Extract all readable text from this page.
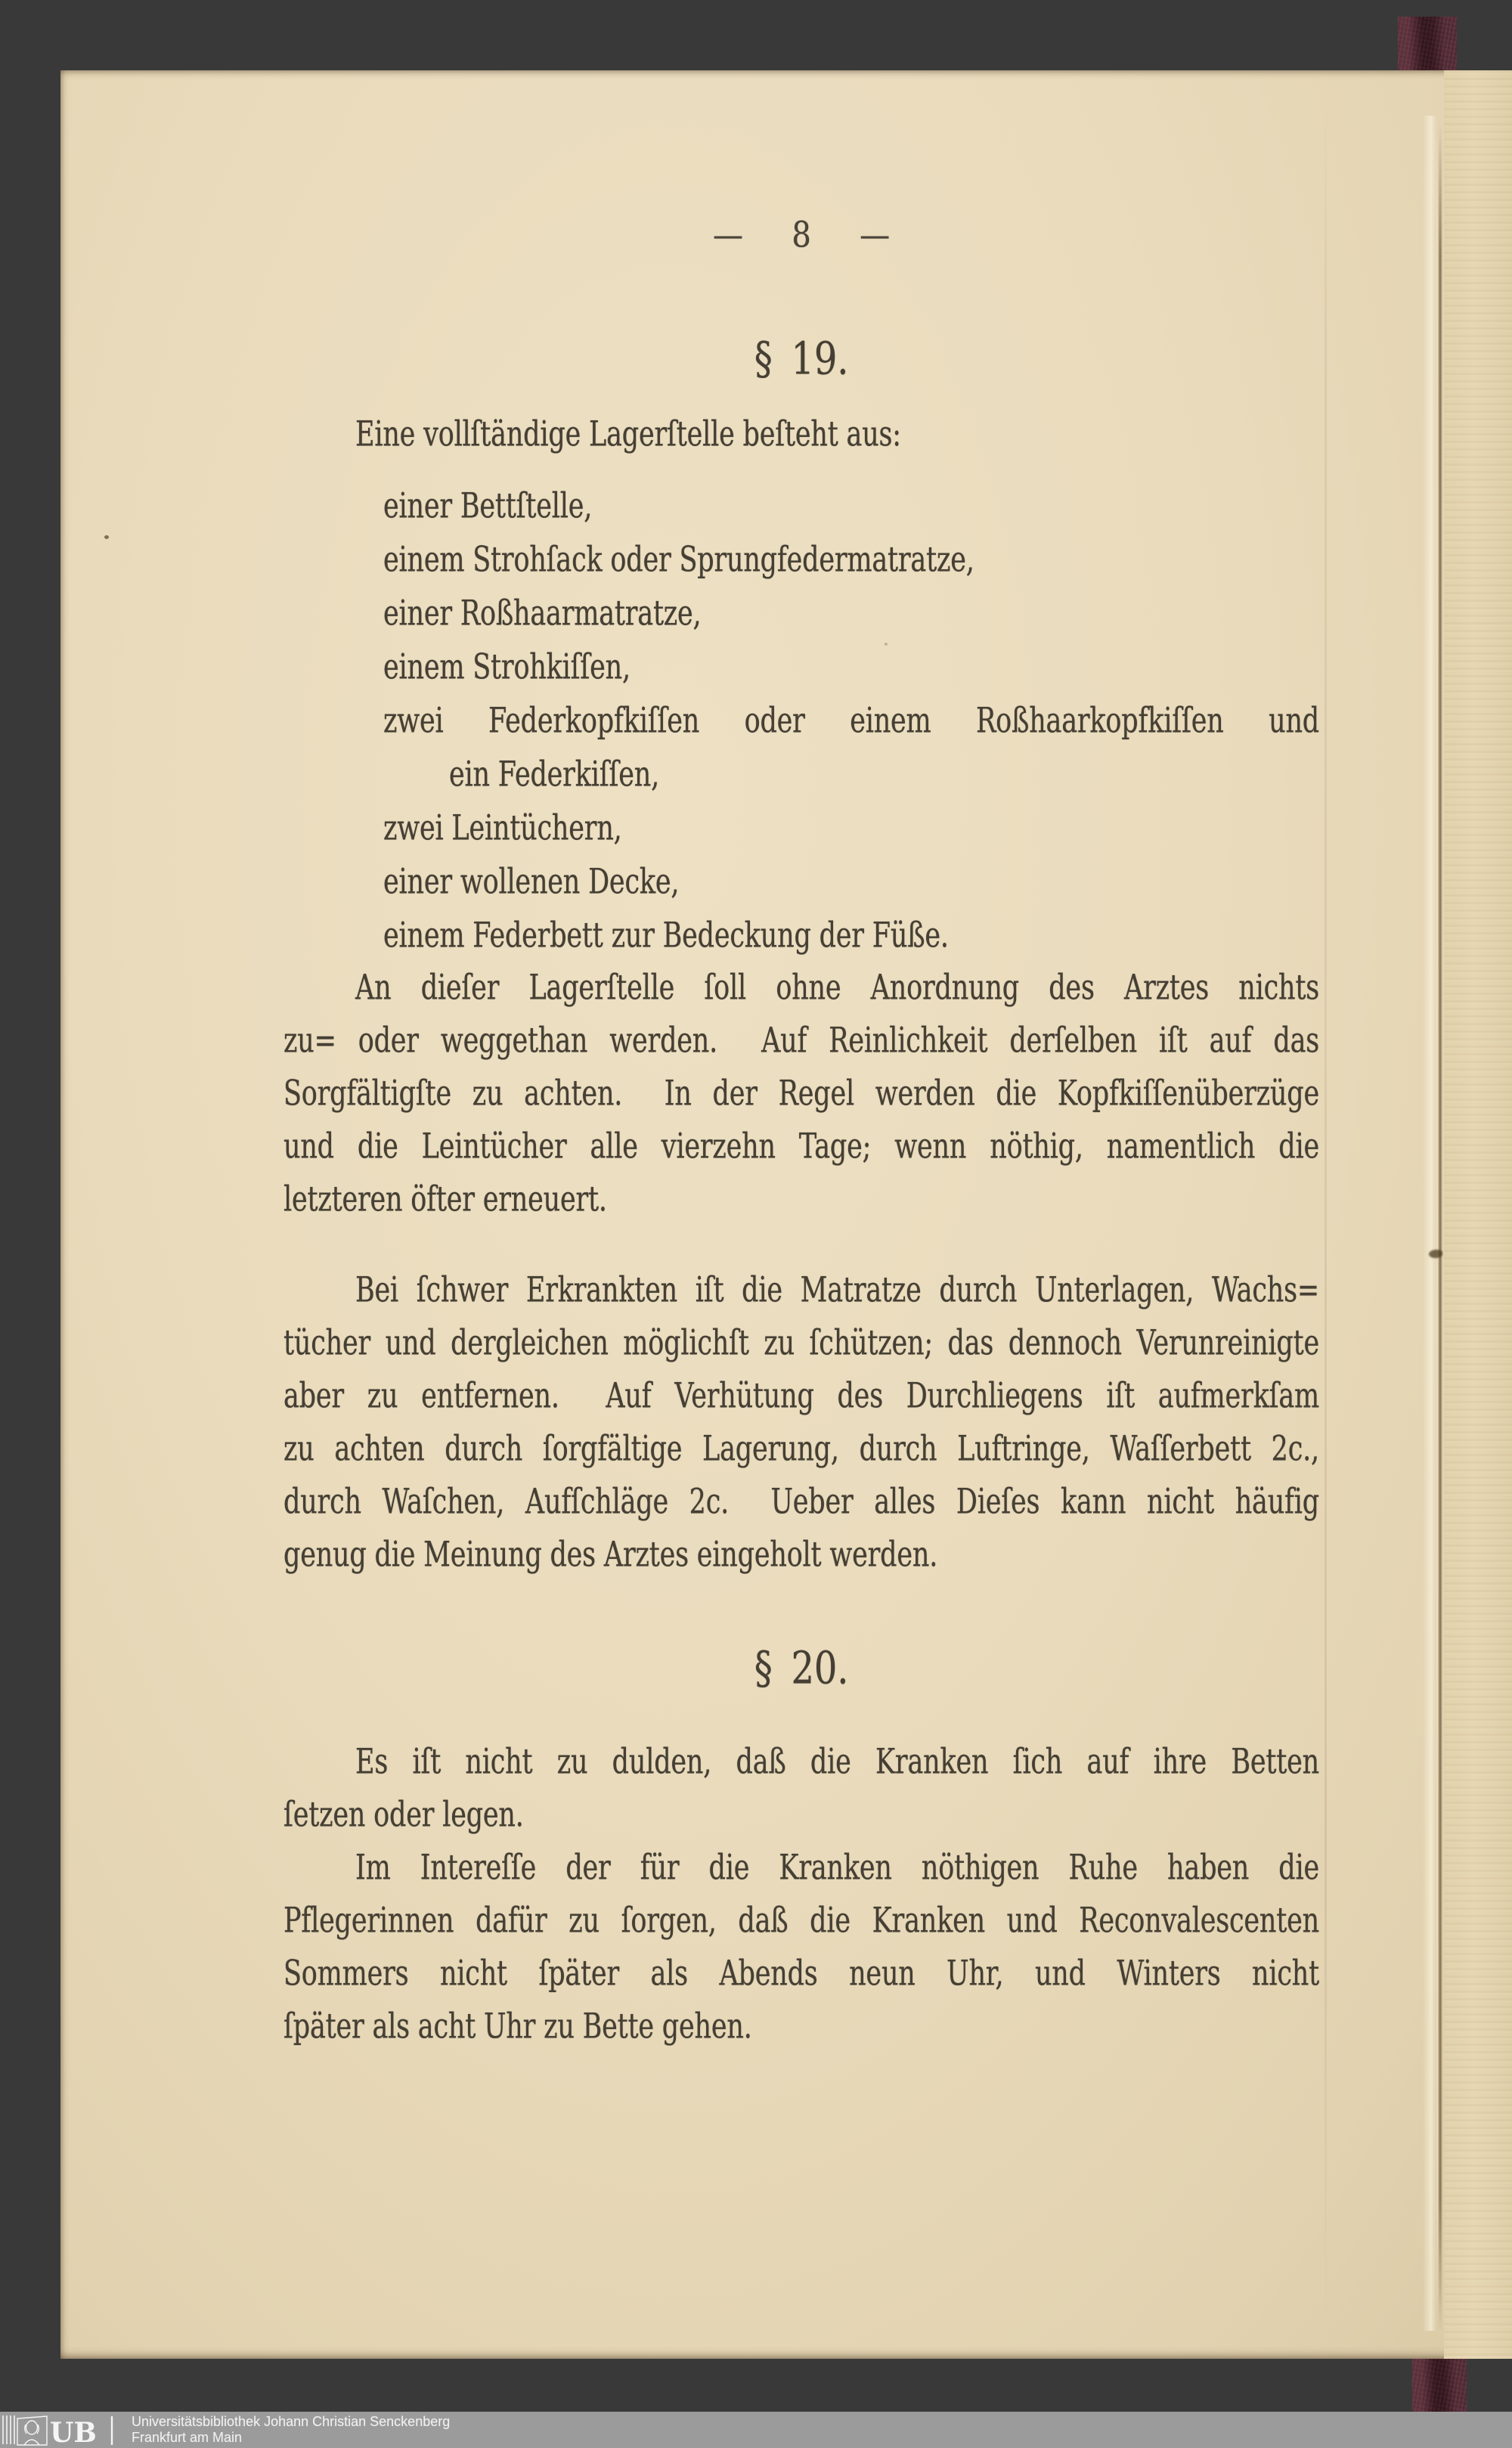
— 8 —
§ 19.
Eine vollſtändige Lagerſtelle beſteht aus:
einer Bettſtelle,
einem Strohſack oder Sprungfedermatratze,
einer Roßhaarmatratze,
einem Strohkiſſen,
zwei Federkopfkiſſen oder einem Roßhaarkopfkiſſen und
ein Federkiſſen,
zwei Leintüchern,
einer wollenen Decke,
einem Federbett zur Bedeckung der Füße.
An dieſer Lagerſtelle ſoll ohne Anordnung des Arztes nichts
zu= oder weggethan werden.  Auf Reinlichkeit derſelben iſt auf das
Sorgfältigſte zu achten.  In der Regel werden die Kopfkiſſenüberzüge
und die Leintücher alle vierzehn Tage; wenn nöthig, namentlich die
letzteren öfter erneuert.
Bei ſchwer Erkrankten iſt die Matratze durch Unterlagen, Wachs=
tücher und dergleichen möglichſt zu ſchützen; das dennoch Verunreinigte
aber zu entfernen.  Auf Verhütung des Durchliegens iſt aufmerkſam
zu achten durch ſorgfältige Lagerung, durch Luftringe, Waſſerbett 2c.,
durch Waſchen, Aufſchläge 2c.  Ueber alles Dieſes kann nicht häufig
genug die Meinung des Arztes eingeholt werden.
§ 20.
Es iſt nicht zu dulden, daß die Kranken ſich auf ihre Betten
ſetzen oder legen.
Im Intereſſe der für die Kranken nöthigen Ruhe haben die
Pflegerinnen dafür zu ſorgen, daß die Kranken und Reconvalescenten
Sommers nicht ſpäter als Abends neun Uhr, und Winters nicht
ſpäter als acht Uhr zu Bette gehen.
UB	Universitätsbibliothek Johann Christian Senckenberg
Frankfurt am Main
